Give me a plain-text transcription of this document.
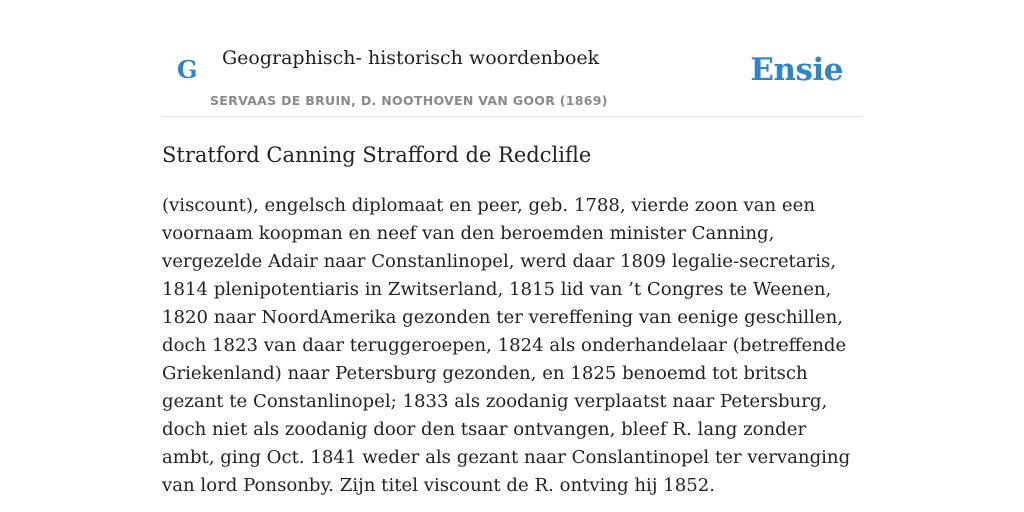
G Geographisch- historisch woordenboek
SERVAAS DE BRUIN, D. NOOTHOVEN VAN GOOR (1869)
Ensie
Stratford Canning Strafford de Redclifle

(viscount), engelsch diplomaat en peer, geb. 1788, vierde zoon van een voornaam koopman en neef van den beroemden minister Canning, vergezelde Adair naar Constanlinopel, werd daar 1809 legalie-secretaris, 1814 plenipotentiaris in Zwitserland, 1815 lid van ’t Congres te Weenen, 1820 naar NoordAmerika gezonden ter vereffening van eenige geschillen, doch 1823 van daar teruggeroepen, 1824 als onderhandelaar (betreffende Griekenland) naar Petersburg gezonden, en 1825 benoemd tot britsch gezant te Constanlinopel; 1833 als zoodanig verplaatst naar Petersburg, doch niet als zoodanig door den tsaar ontvangen, bleef R. lang zonder ambt, ging Oct. 1841 weder als gezant naar Conslantinopel ter vervanging van lord Ponsonby. Zijn titel viscount de R. ontving hij 1852.
